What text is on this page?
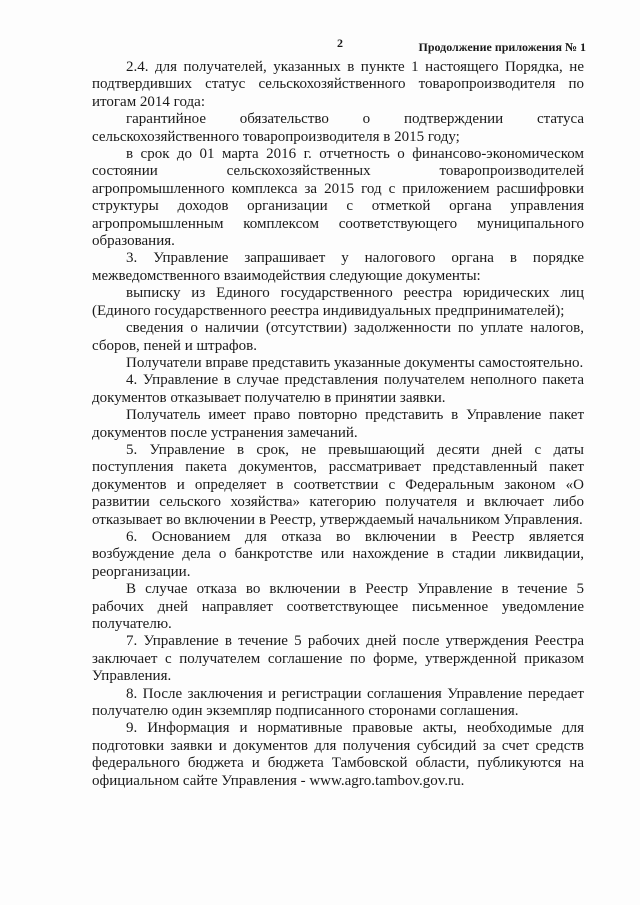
2	Продолжение приложения № 1

2.4. для получателей, указанных в пункте 1 настоящего Порядка, не подтвердивших статус сельскохозяйственного товаропроизводителя по итогам 2014 года:

гарантийное обязательство о подтверждении статуса сельскохозяйственного товаропроизводителя в 2015 году;

в срок до 01 марта 2016 г. отчетность о финансово-экономическом состоянии сельскохозяйственных товаропроизводителей агропромышленного комплекса за 2015 год с приложением расшифровки структуры доходов организации с отметкой органа управления агропромышленным комплексом соответствующего муниципального образования.

3. Управление запрашивает у налогового органа в порядке межведомственного взаимодействия следующие документы:

выписку из Единого государственного реестра юридических лиц (Единого государственного реестра индивидуальных предпринимателей);

сведения о наличии (отсутствии) задолженности по уплате налогов, сборов, пеней и штрафов.

Получатели вправе представить указанные документы самостоятельно.

4. Управление в случае представления получателем неполного пакета документов отказывает получателю в принятии заявки.

Получатель имеет право повторно представить в Управление пакет документов после устранения замечаний.

5. Управление в срок, не превышающий десяти дней с даты поступления пакета документов, рассматривает представленный пакет документов и определяет в соответствии с Федеральным законом «О развитии сельского хозяйства» категорию получателя и включает либо отказывает во включении в Реестр, утверждаемый начальником Управления.

6. Основанием для отказа во включении в Реестр является возбуждение дела о банкротстве или нахождение в стадии ликвидации, реорганизации.

В случае отказа во включении в Реестр Управление в течение 5 рабочих дней направляет соответствующее письменное уведомление получателю.

7. Управление в течение 5 рабочих дней после утверждения Реестра заключает с получателем соглашение по форме, утвержденной приказом Управления.

8. После заключения и регистрации соглашения Управление передает получателю один экземпляр подписанного сторонами соглашения.

9. Информация и нормативные правовые акты, необходимые для подготовки заявки и документов для получения субсидий за счет средств федерального бюджета и бюджета Тамбовской области, публикуются на официальном сайте Управления - www.agro.tambov.gov.ru.
